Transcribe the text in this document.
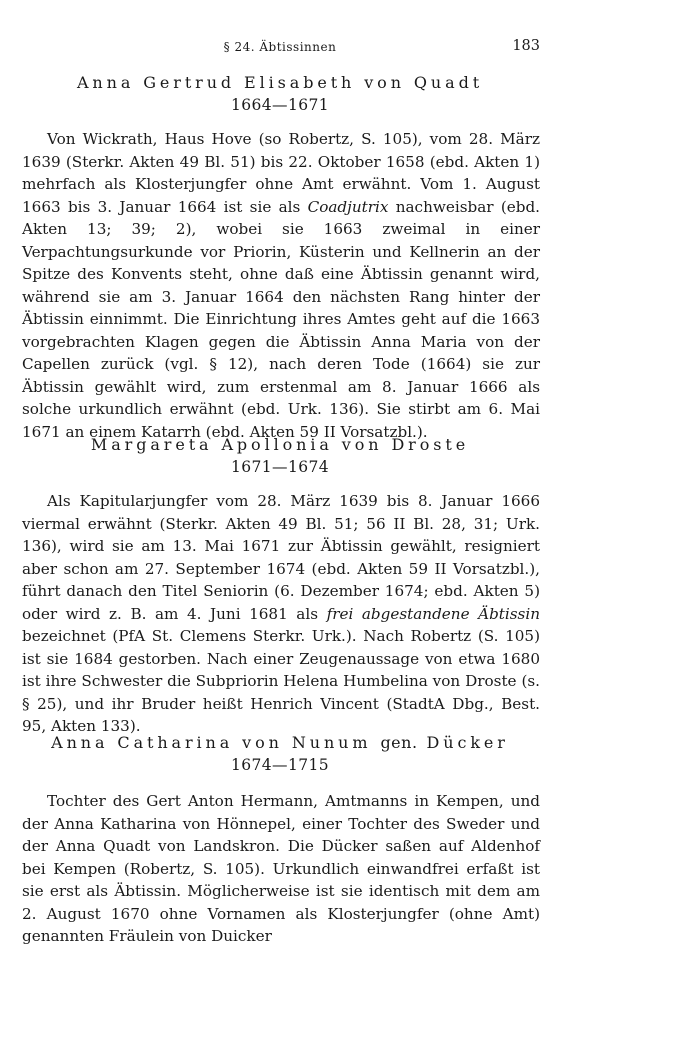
§ 24. Äbtissinnen	183
Anna Gertrud Elisabeth von Quadt
1664—1671

Von Wickrath, Haus Hove (so Robertz, S. 105), vom 28. März 1639 (Sterkr. Akten 49 Bl. 51) bis 22. Oktober 1658 (ebd. Akten 1) mehrfach als Klosterjungfer ohne Amt erwähnt. Vom 1. August 1663 bis 3. Januar 1664 ist sie als Coadjutrix nachweisbar (ebd. Akten 13; 39; 2), wobei sie 1663 zweimal in einer Verpachtungsurkunde vor Priorin, Küsterin und Kellnerin an der Spitze des Konvents steht, ohne daß eine Äbtissin genannt wird, während sie am 3. Januar 1664 den nächsten Rang hinter der Äbtissin einnimmt. Die Einrichtung ihres Amtes geht auf die 1663 vorgebrachten Klagen gegen die Äbtissin Anna Maria von der Capellen zurück (vgl. § 12), nach deren Tode (1664) sie zur Äbtissin gewählt wird, zum erstenmal am 8. Januar 1666 als solche urkundlich erwähnt (ebd. Urk. 136). Sie stirbt am 6. Mai 1671 an einem Katarrh (ebd. Akten 59 II Vorsatzbl.).

Margareta Apollonia von Droste
1671—1674

Als Kapitularjungfer vom 28. März 1639 bis 8. Januar 1666 viermal erwähnt (Sterkr. Akten 49 Bl. 51; 56 II Bl. 28, 31; Urk. 136), wird sie am 13. Mai 1671 zur Äbtissin gewählt, resigniert aber schon am 27. September 1674 (ebd. Akten 59 II Vorsatzbl.), führt danach den Titel Seniorin (6. Dezember 1674; ebd. Akten 5) oder wird z. B. am 4. Juni 1681 als frei abgestandene Äbtissin bezeichnet (PfA St. Clemens Sterkr. Urk.). Nach Robertz (S. 105) ist sie 1684 gestorben. Nach einer Zeugenaussage von etwa 1680 ist ihre Schwester die Subpriorin Helena Humbelina von Droste (s. § 25), und ihr Bruder heißt Henrich Vincent (StadtA Dbg., Best. 95, Akten 133).

Anna Catharina von Nunum gen. Dücker
1674—1715

Tochter des Gert Anton Hermann, Amtmanns in Kempen, und der Anna Katharina von Hönnepel, einer Tochter des Sweder und der Anna Quadt von Landskron. Die Dücker saßen auf Aldenhof bei Kempen (Robertz, S. 105). Urkundlich einwandfrei erfaßt ist sie erst als Äbtissin. Möglicherweise ist sie identisch mit dem am 2. August 1670 ohne Vornamen als Klosterjungfer (ohne Amt) genannten Fräulein von Duicker
